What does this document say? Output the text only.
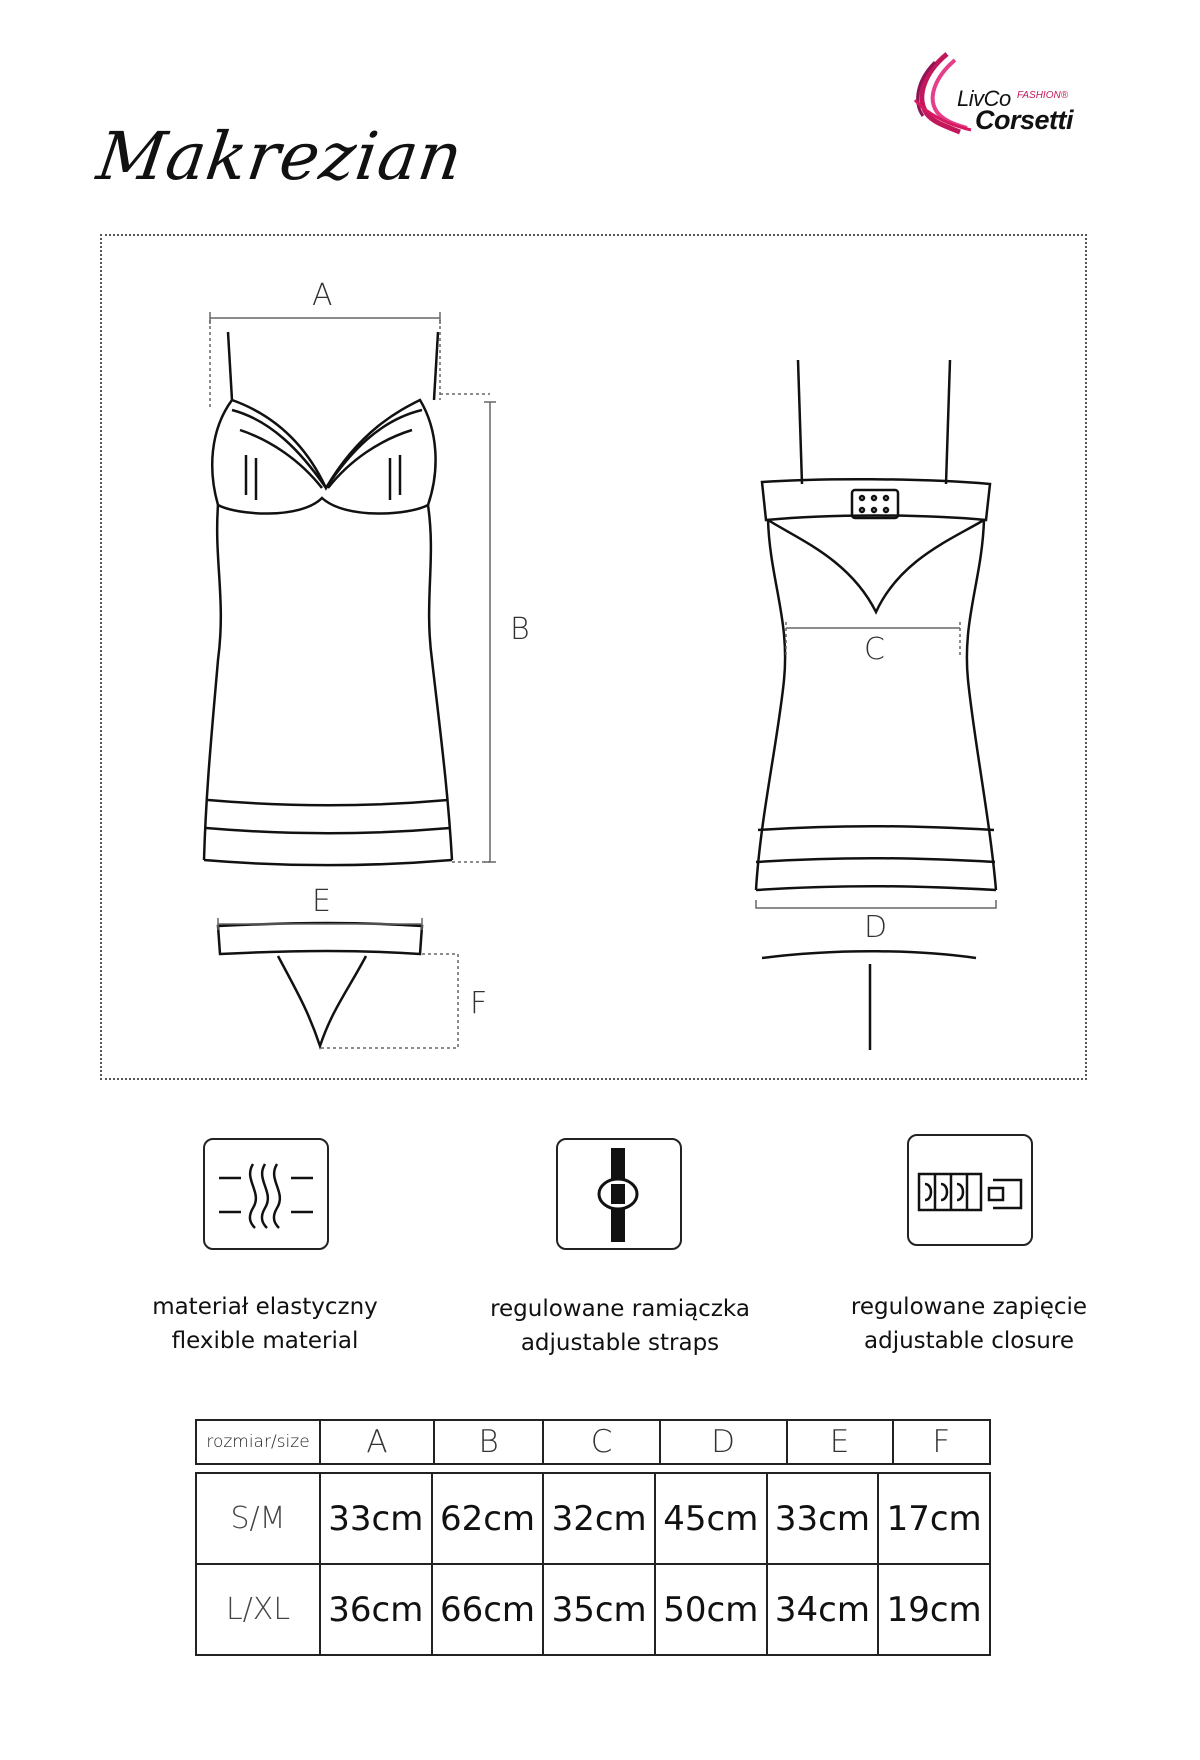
LivCo FASHION®
Corsetti
Makrezian
A
B
C
D
E
F
materiał elastyczny
flexible material
regulowane ramiączka
adjustable straps
regulowane zapięcie
adjustable closure
rozmiar/size	A	B	C	D	E	F
S/M	33cm	62cm	32cm	45cm	33cm	17cm
L/XL	36cm	66cm	35cm	50cm	34cm	19cm
